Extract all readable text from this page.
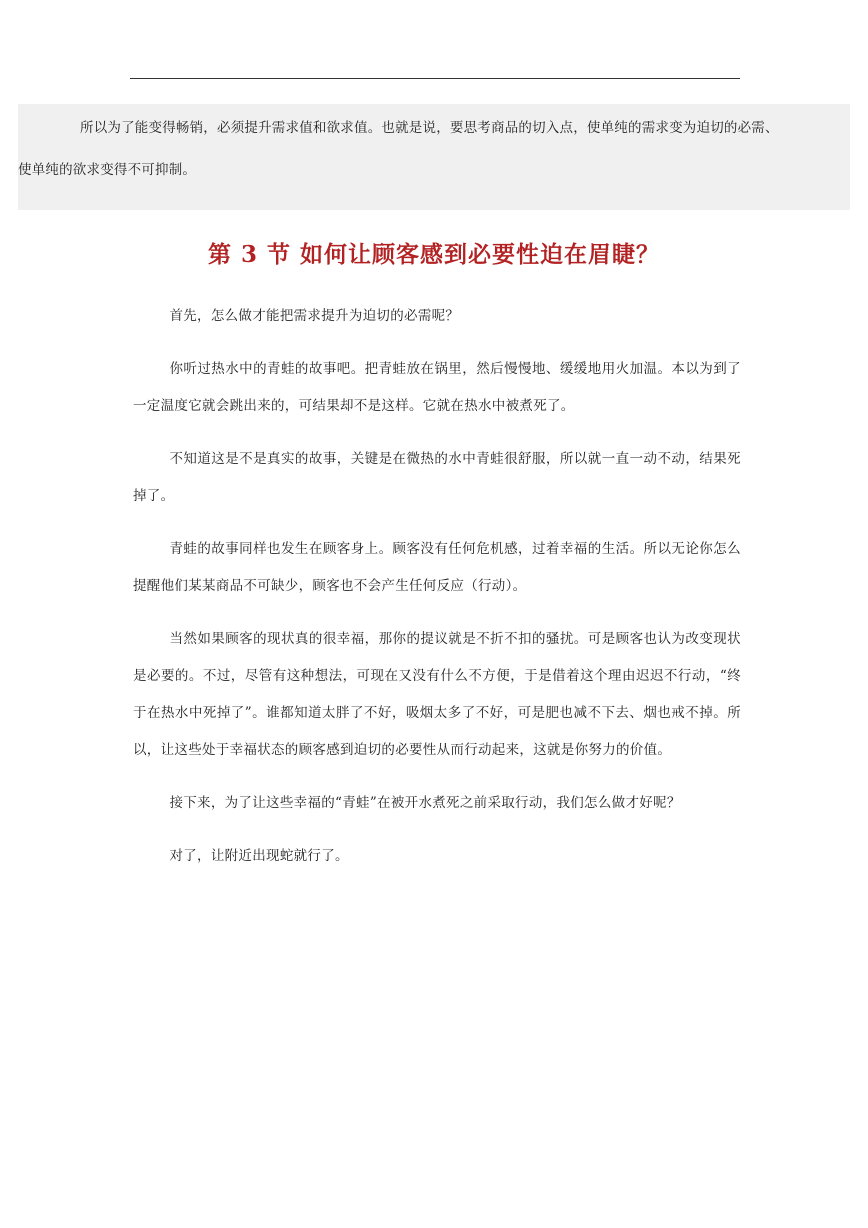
所以为了能变得畅销，必须提升需求值和欲求值。也就是说，要思考商品的切入点，使单纯的需求变为迫切的必需、

使单纯的欲求变得不可抑制。

第 3 节 如何让顾客感到必要性迫在眉睫？

首先，怎么做才能把需求提升为迫切的必需呢？

你听过热水中的青蛙的故事吧。把青蛙放在锅里，然后慢慢地、缓缓地用火加温。本以为到了一定温度它就会跳出来的，可结果却不是这样。它就在热水中被煮死了。

不知道这是不是真实的故事，关键是在微热的水中青蛙很舒服，所以就一直一动不动，结果死掉了。

青蛙的故事同样也发生在顾客身上。顾客没有任何危机感，过着幸福的生活。所以无论你怎么提醒他们某某商品不可缺少，顾客也不会产生任何反应（行动）。

当然如果顾客的现状真的很幸福，那你的提议就是不折不扣的骚扰。可是顾客也认为改变现状是必要的。不过，尽管有这种想法，可现在又没有什么不方便，于是借着这个理由迟迟不行动，“终于在热水中死掉了”。谁都知道太胖了不好，吸烟太多了不好，可是肥也减不下去、烟也戒不掉。所以，让这些处于幸福状态的顾客感到迫切的必要性从而行动起来，这就是你努力的价值。

接下来，为了让这些幸福的“青蛙”在被开水煮死之前采取行动，我们怎么做才好呢？

对了，让附近出现蛇就行了。
